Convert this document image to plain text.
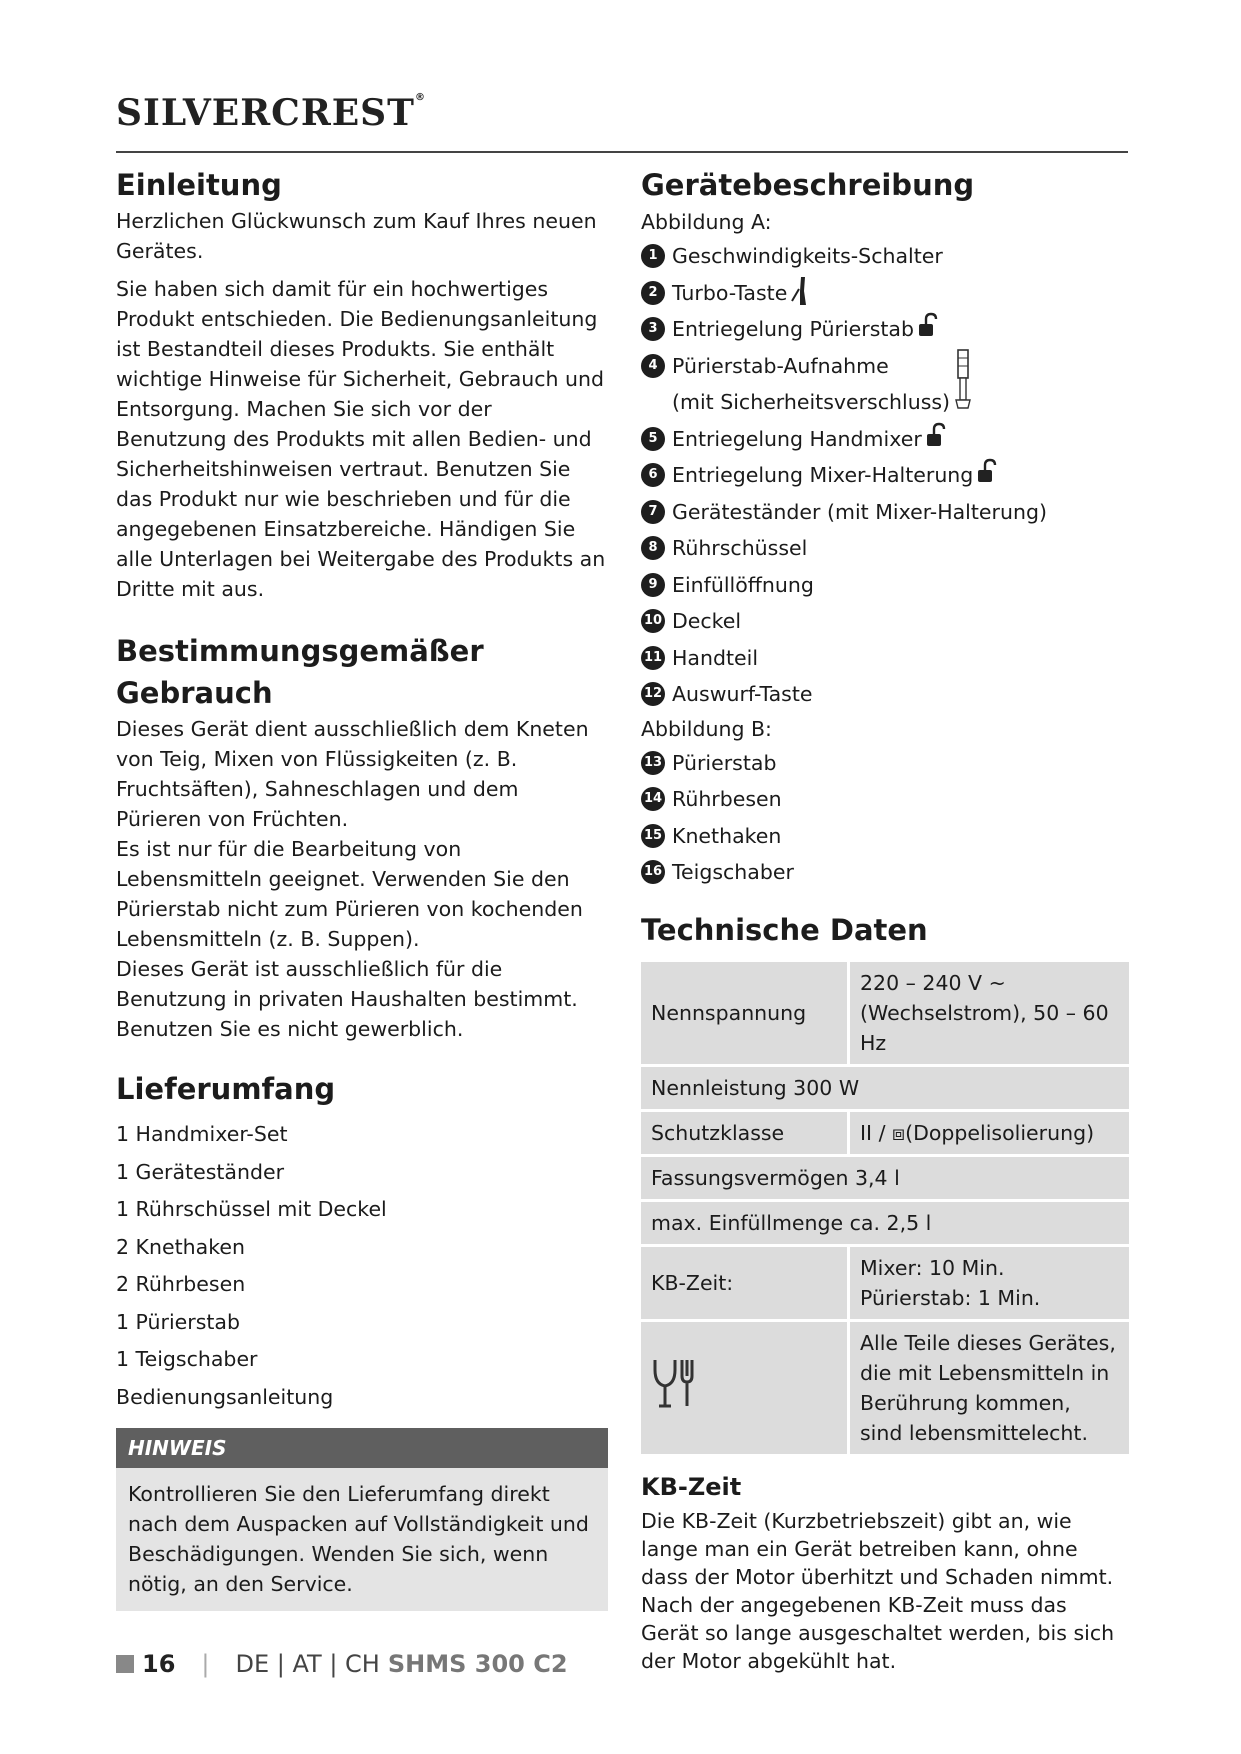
SILVERCREST®
Einleitung

Herzlichen Glückwunsch zum Kauf Ihres neuen Gerätes.

Sie haben sich damit für ein hochwertiges Produkt entschieden. Die Bedienungsanleitung ist Bestandteil dieses Produkts. Sie enthält wichtige Hinweise für Sicherheit, Gebrauch und Entsorgung. Machen Sie sich vor der Benutzung des Produkts mit allen Bedien- und Sicherheitshinweisen vertraut. Benutzen Sie das Produkt nur wie beschrieben und für die angegebenen Einsatzbereiche. Händigen Sie alle Unterlagen bei Weitergabe des Produkts an Dritte mit aus.

Bestimmungsgemäßer
Gebrauch

Dieses Gerät dient ausschließlich dem Kneten von Teig, Mixen von Flüssigkeiten (z. B. Fruchtsäften), Sahneschlagen und dem Pürieren von Früchten.

Es ist nur für die Bearbeitung von Lebensmitteln geeignet. Verwenden Sie den Pürierstab nicht zum Pürieren von kochenden Lebensmitteln (z. B. Suppen).

Dieses Gerät ist ausschließlich für die Benutzung in privaten Haushalten bestimmt. Benutzen Sie es nicht gewerblich.

Lieferumfang
1 Handmixer-Set
1 Geräteständer
1 Rührschüssel mit Deckel
2 Knethaken
2 Rührbesen
1 Pürierstab
1 Teigschaber
Bedienungsanleitung
HINWEIS
Kontrollieren Sie den Lieferumfang direkt nach dem Auspacken auf Vollständigkeit und Beschädigungen. Wenden Sie sich, wenn nötig, an den Service.
Gerätebeschreibung
Abbildung A:
1 Geschwindigkeits-Schalter
2 Turbo-Taste
3 Entriegelung Pürierstab
4 Pürierstab-Aufnahme
(mit Sicherheitsverschluss)
5 Entriegelung Handmixer
6 Entriegelung Mixer-Halterung
7 Geräteständer (mit Mixer-Halterung)
8 Rührschüssel
9 Einfüllöffnung
10 Deckel
11 Handteil
12 Auswurf-Taste
Abbildung B:
13 Pürierstab
14 Rührbesen
15 Knethaken
16 Teigschaber
Technische Daten
Nennspannung	220 – 240 V ~ (Wechselstrom), 50 – 60 Hz
Nennleistung 300 W	
Schutzklasse	II / ⧈(Doppelisolierung)
Fassungsvermögen 3,4 l	
max. Einfüllmenge ca. 2,5 l	
KB-Zeit:	Mixer: 10 Min.
Pürierstab: 1 Min.
	Alle Teile dieses Gerätes, die mit Lebensmitteln in Berührung kommen, sind lebensmittelecht.
KB-Zeit
Die KB-Zeit (Kurzbetriebszeit) gibt an, wie lange man ein Gerät betreiben kann, ohne dass der Motor überhitzt und Schaden nimmt. Nach der angegebenen KB-Zeit muss das Gerät so lange ausgeschaltet werden, bis sich der Motor abgekühlt hat.
16 | DE | AT | CH SHMS 300 C2
